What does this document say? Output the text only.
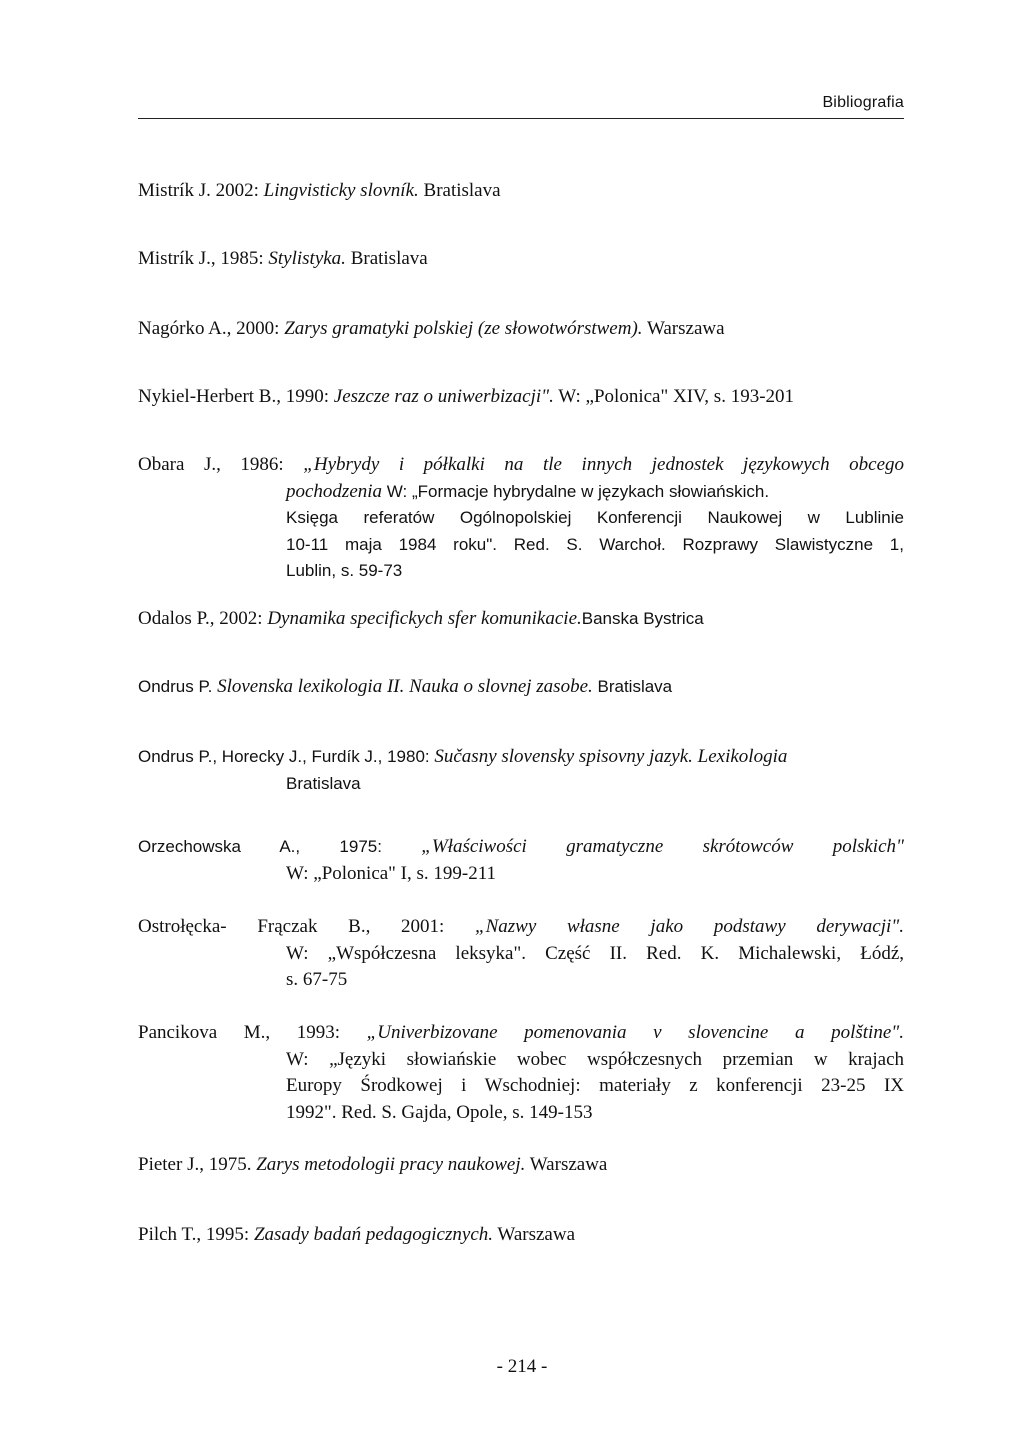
Bibliografia
Mistrík J. 2002: Lingvisticky slovník. Bratislava
Mistrík J., 1985: Stylistyka. Bratislava
Nagórko A., 2000: Zarys gramatyki polskiej (ze słowotwórstwem). Warszawa
Nykiel-Herbert B., 1990: Jeszcze raz o uniwerbizacji". W: „Polonica" XIV, s. 193-201
Obara J., 1986: „Hybrydy i półkalki na tle innych jednostek językowych obcego
pochodzenia W: „Formacje hybrydalne w językach słowiańskich.
Księga referatów Ogólnopolskiej Konferencji Naukowej w Lublinie
10-11 maja 1984 roku". Red. S. Warchoł. Rozprawy Slawistyczne 1,
Lublin, s. 59-73
Odalos P., 2002: Dynamika specifickych sfer komunikacie.Banska Bystrica
Ondrus P. Slovenska lexikologia II. Nauka o slovnej zasobe. Bratislava
Ondrus P., Horecky J., Furdík J., 1980: Sučasny slovensky spisovny jazyk. Lexikologia
Bratislava
Orzechowska A., 1975: „Właściwości gramatyczne skrótowców polskich"
W: „Polonica" I, s. 199-211
Ostrołęcka- Frączak B., 2001: „Nazwy własne jako podstawy derywacji".
W: „Współczesna leksyka". Część II. Red. K. Michalewski, Łódź,
s. 67-75
Pancikova M., 1993: „Univerbizovane pomenovania v slovencine a polštine".
W: „Języki słowiańskie wobec współczesnych przemian w krajach
Europy Środkowej i Wschodniej: materiały z konferencji 23-25 IX
1992". Red. S. Gajda, Opole, s. 149-153
Pieter J., 1975. Zarys metodologii pracy naukowej. Warszawa
Pilch T., 1995: Zasady badań pedagogicznych. Warszawa
- 214 -
